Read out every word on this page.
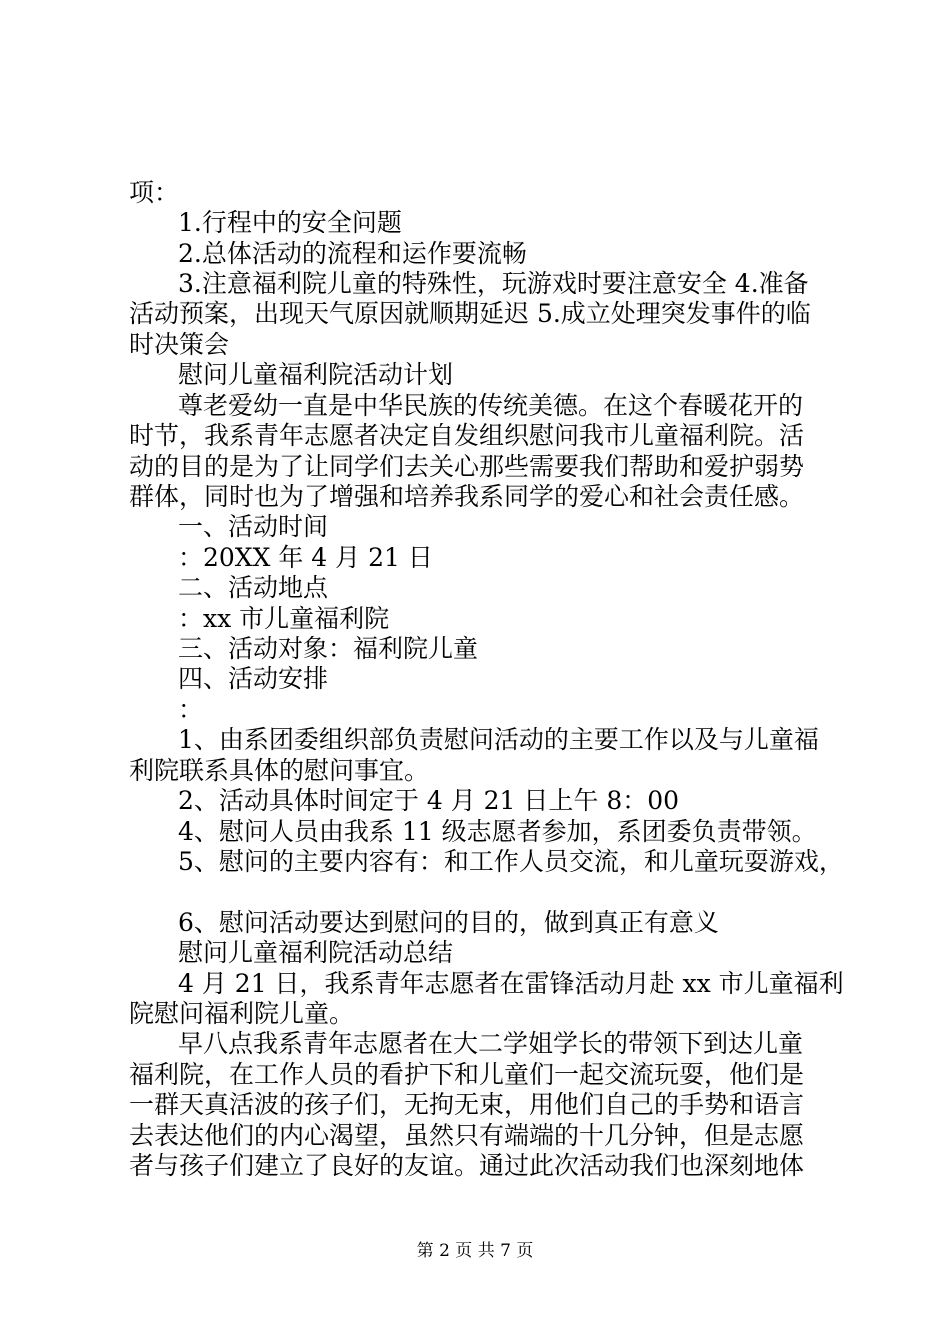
项：
1.行程中的安全问题
2.总体活动的流程和运作要流畅
3.注意福利院儿童的特殊性，玩游戏时要注意安全 4.准备
活动预案，出现天气原因就顺期延迟 5.成立处理突发事件的临
时决策会
慰问儿童福利院活动计划
尊老爱幼一直是中华民族的传统美德。在这个春暖花开的
时节，我系青年志愿者决定自发组织慰问我市儿童福利院。活
动的目的是为了让同学们去关心那些需要我们帮助和爱护弱势
群体，同时也为了增强和培养我系同学的爱心和社会责任感。
一、活动时间
：20XX 年 4 月 21 日
二、活动地点
：xx 市儿童福利院
三、活动对象：福利院儿童
四、活动安排
：
1、由系团委组织部负责慰问活动的主要工作以及与儿童福
利院联系具体的慰问事宜。
2、活动具体时间定于 4 月 21 日上午 8：00
4、慰问人员由我系 11 级志愿者参加，系团委负责带领。
5、慰问的主要内容有：和工作人员交流，和儿童玩耍游戏，
6、慰问活动要达到慰问的目的，做到真正有意义
慰问儿童福利院活动总结
4 月 21 日，我系青年志愿者在雷锋活动月赴 xx 市儿童福利
院慰问福利院儿童。
早八点我系青年志愿者在大二学姐学长的带领下到达儿童
福利院，在工作人员的看护下和儿童们一起交流玩耍，他们是
一群天真活波的孩子们，无拘无束，用他们自己的手势和语言
去表达他们的内心渴望，虽然只有端端的十几分钟，但是志愿
者与孩子们建立了良好的友谊。通过此次活动我们也深刻地体
第 2 页 共 7 页
